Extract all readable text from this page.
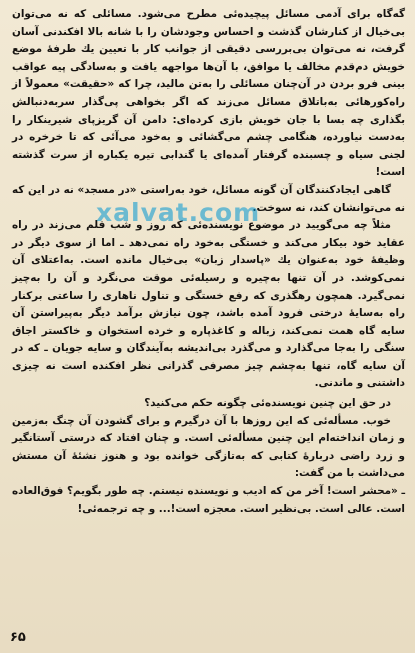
گه‌گاه برای آدمی مسائل پیچیده‌ئی مطرح می‌شود. مسائلی که نه می‌توان بی‌خیال از کنارشان گذشت و احساس وجودشان را با شانه بالا افکندنی آسان گرفت، نه می‌توان بی‌بررسی دقیقی از جوانب کار با تعیین یك طرفهٔ موضع خویش دم‌قدم مخالف یا موافق، با آن‌ها مواجهه یافت و به‌سادگی پیه عواقب بینی فرو بردن در آن‌چنان مسائلی را به‌تن مالید، چرا که «حقیقت» معمولاً از راه‌کورهائی به‌باتلاق مسائل می‌زند که اگر بخواهی پی‌گذار سربه‌دنبالش بگذاری چه بسا با جان خویش بازی کرده‌ای: دامن آن گریزپای شیرینکار را به‌دست نیاورده، هنگامی چشم می‌گشائی و به‌خود می‌آئی که تا خرخره در لجنی سیاه و چسبنده گرفتار آمده‌ای یا گندابی تیره یکباره از سرت گذشته است!

گاهی ایجادکنندگان آن گونه مسائل، خود به‌راستی «در مسجد» نه در این که نه می‌توانشان کند، نه سوخت.

مثلاً چه می‌گویید در موضوع نویسنده‌ئی که روز و شب قلم می‌زند در راه عقاید خود بیکار می‌کند و خستگی به‌خود راه نمی‌دهد ـ اما از سوی دیگر در وظیفهٔ خود به‌عنوان یك «پاسدار زبان» بی‌خیال مانده است. به‌اعتلای آن نمی‌کوشد. در آن تنها به‌چیره و رسیله‌ئی موقت می‌نگرد و آن را به‌چیز نمی‌گیرد. همچون رهگذری که رفع خستگی و تناول ناهاری را ساعتی برکنار راه به‌سایهٔ درختی فرود آمده باشد، چون نیازش برآمد دیگر به‌پیراستن آن سایه گاه همت نمی‌کند، زباله و کاغذپاره و خرده استخوان و خاکستر اجاق سنگی را به‌جا می‌گذارد و می‌گذرد بی‌اندیشه به‌آیندگان و سایه جویان ـ که در آن سایه گاه، تنها به‌چشم چیز مصرفی گذرانی نظر افکنده است نه چیزی داشتنی و ماندنی.

در حق این چنین نویسنده‌ئی چگونه حکم می‌کنید؟

خوب. مسأله‌ئی که این روزها با آن درگیرم و برای گشودن آن چنگ به‌زمین و زمان انداخته‌ام این چنین مسأله‌ئی است. و چنان افتاد که درستی آستانگیر و زرد راضی دربارهٔ کتابی که به‌تازگی خوانده بود و هنوز نشئهٔ آن مستش می‌داشت با من گفت:

ـ «محشر است! آخر من که ادیب و نویسنده نیستم. چه طور بگویم؟ فوق‌العاده است. عالی است. بی‌نظیر است. معجزه است!... و چه ترجمه‌ئی!

xalvat.com
۶۵
